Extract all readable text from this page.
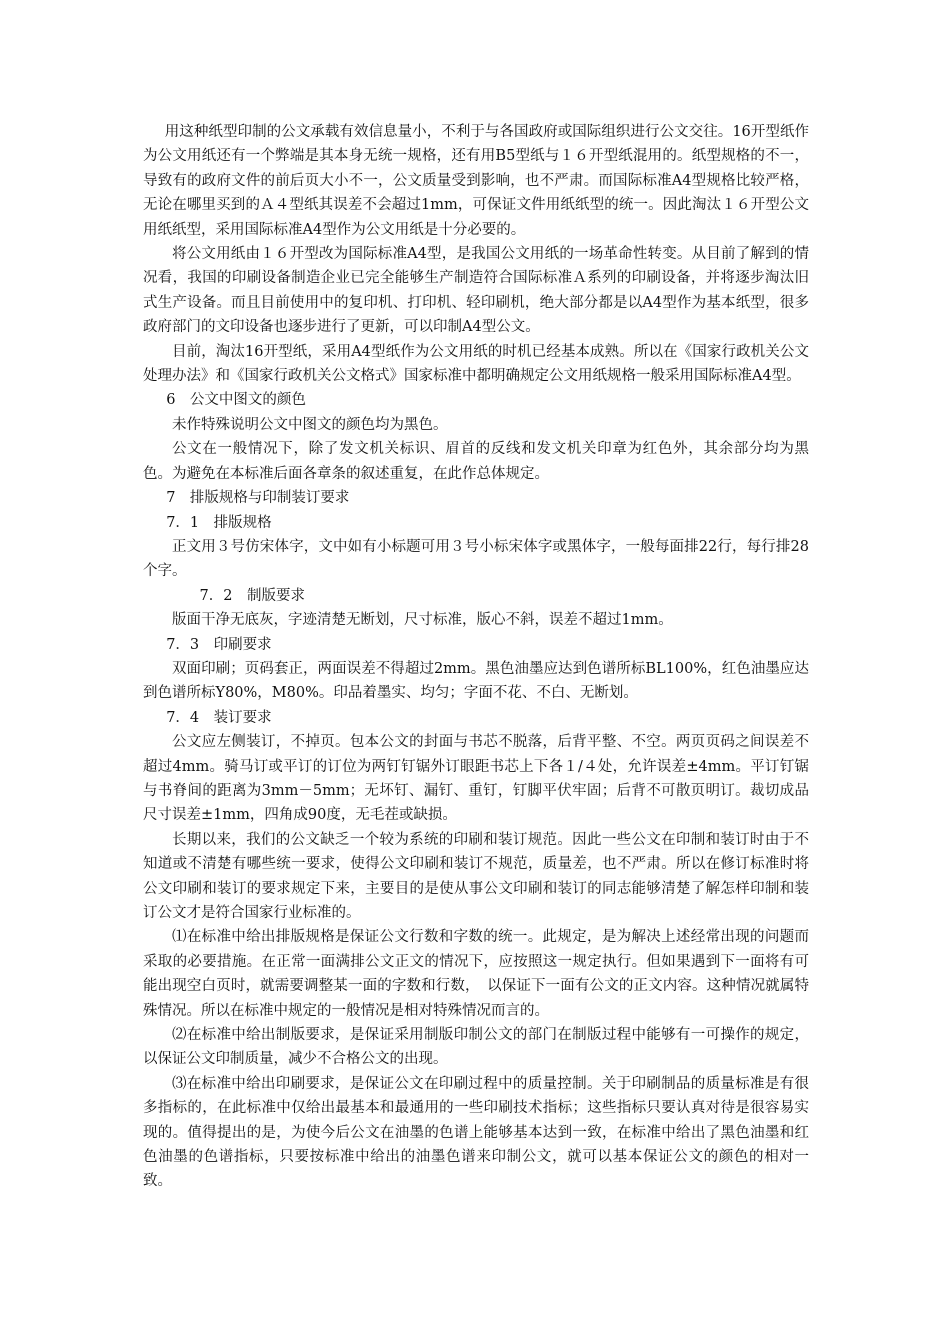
用这种纸型印制的公文承载有效信息量小，不利于与各国政府或国际组织进行公文交往。16开型纸作为公文用纸还有一个弊端是其本身无统一规格，还有用B5型纸与１６开型纸混用的。纸型规格的不一，导致有的政府文件的前后页大小不一，公文质量受到影响，也不严肃。而国际标准A4型规格比较严格，无论在哪里买到的Ａ４型纸其误差不会超过1mm，可保证文件用纸纸型的统一。因此淘汰１６开型公文用纸纸型，采用国际标准A4型作为公文用纸是十分必要的。

将公文用纸由１６开型改为国际标准A4型，是我国公文用纸的一场革命性转变。从目前了解到的情况看，我国的印刷设备制造企业已完全能够生产制造符合国际标准Ａ系列的印刷设备，并将逐步淘汰旧式生产设备。而且目前使用中的复印机、打印机、轻印刷机，绝大部分都是以A4型作为基本纸型，很多政府部门的文印设备也逐步进行了更新，可以印制A4型公文。

目前，淘汰16开型纸，采用A4型纸作为公文用纸的时机已经基本成熟。所以在《国家行政机关公文处理办法》和《国家行政机关公文格式》国家标准中都明确规定公文用纸规格一般采用国际标准A4型。

6　公文中图文的颜色

未作特殊说明公文中图文的颜色均为黑色。

公文在一般情况下，除了发文机关标识、眉首的反线和发文机关印章为红色外，其余部分均为黑色。为避免在本标准后面各章条的叙述重复，在此作总体规定。

7　排版规格与印制装订要求

7．1　排版规格

正文用３号仿宋体字，文中如有小标题可用３号小标宋体字或黑体字，一般每面排22行，每行排28个字。

7．2　制版要求

版面干净无底灰，字迹清楚无断划，尺寸标准，版心不斜，误差不超过1mm。

7．3　印刷要求

双面印刷；页码套正，两面误差不得超过2mm。黑色油墨应达到色谱所标BL100%，红色油墨应达到色谱所标Y80%，M80%。印品着墨实、均匀；字面不花、不白、无断划。

7．4　装订要求

公文应左侧装订，不掉页。包本公文的封面与书芯不脱落，后背平整、不空。两页页码之间误差不超过4mm。骑马订或平订的订位为两钉钉锯外订眼距书芯上下各１/４处，允许误差±4mm。平订钉锯与书脊间的距离为3mm－5mm；无坏钉、漏钉、重钉，钉脚平伏牢固；后背不可散页明订。裁切成品尺寸误差±1mm，四角成90度，无毛茬或缺损。

长期以来，我们的公文缺乏一个较为系统的印刷和装订规范。因此一些公文在印制和装订时由于不知道或不清楚有哪些统一要求，使得公文印刷和装订不规范，质量差，也不严肃。所以在修订标准时将公文印刷和装订的要求规定下来，主要目的是使从事公文印刷和装订的同志能够清楚了解怎样印制和装订公文才是符合国家行业标准的。

⑴在标准中给出排版规格是保证公文行数和字数的统一。此规定，是为解决上述经常出现的问题而采取的必要措施。在正常一面满排公文正文的情况下，应按照这一规定执行。但如果遇到下一面将有可能出现空白页时，就需要调整某一面的字数和行数，　以保证下一面有公文的正文内容。这种情况就属特殊情况。所以在标准中规定的一般情况是相对特殊情况而言的。

⑵在标准中给出制版要求，是保证采用制版印制公文的部门在制版过程中能够有一可操作的规定，以保证公文印制质量，减少不合格公文的出现。

⑶在标准中给出印刷要求，是保证公文在印刷过程中的质量控制。关于印刷制品的质量标准是有很多指标的，在此标准中仅给出最基本和最通用的一些印刷技术指标；这些指标只要认真对待是很容易实现的。值得提出的是，为使今后公文在油墨的色谱上能够基本达到一致，在标准中给出了黑色油墨和红色油墨的色谱指标，只要按标准中给出的油墨色谱来印制公文，就可以基本保证公文的颜色的相对一致。
